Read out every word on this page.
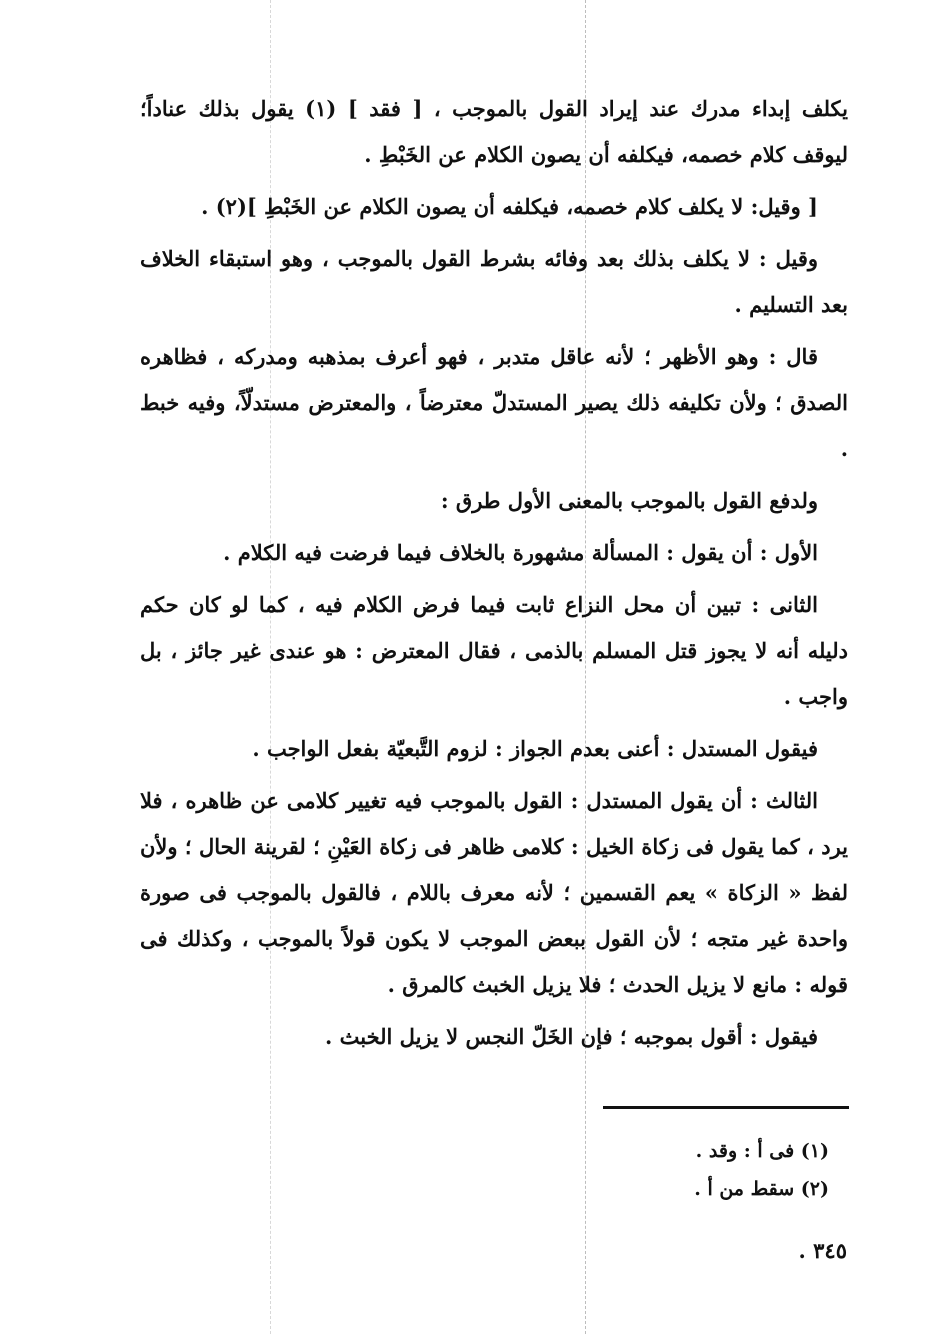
يكلف إبداء مدرك عند إيراد القول بالموجب ، [ فقد ] (١) يقول بذلك عناداً؛ ليوقف كلام خصمه، فيكلفه أن يصون الكلام عن الخَبْطِ .

[ وقيل: لا يكلف كلام خصمه، فيكلفه أن يصون الكلام عن الخَبْطِ ](٢) .

وقيل : لا يكلف بذلك بعد وفائه بشرط القول بالموجب ، وهو استبقاء الخلاف بعد التسليم .

قال : وهو الأظهر ؛ لأنه عاقل متدبر ، فهو أعرف بمذهبه ومدركه ، فظاهره الصدق ؛ ولأن تكليفه ذلك يصير المستدلّ معترضاً ، والمعترض مستدلّاً، وفيه خبط .

ولدفع القول بالموجب بالمعنى الأول طرق :

الأول : أن يقول : المسألة مشهورة بالخلاف فيما فرضت فيه الكلام .

الثانى : تبين أن محل النزاع ثابت فيما فرض الكلام فيه ، كما لو كان حكم دليله أنه لا يجوز قتل المسلم بالذمى ، فقال المعترض : هو عندى غير جائز ، بل واجب .

فيقول المستدل : أعنى بعدم الجواز : لزوم التَّبعيّة بفعل الواجب .

الثالث : أن يقول المستدل : القول بالموجب فيه تغيير كلامى عن ظاهره ، فلا يرد ، كما يقول فى زكاة الخيل : كلامى ظاهر فى زكاة العَيْنِ ؛ لقرينة الحال ؛ ولأن لفظ « الزكاة » يعم القسمين ؛ لأنه معرف باللام ، فالقول بالموجب فى صورة واحدة غير متجه ؛ لأن القول ببعض الموجب لا يكون قولاً بالموجب ، وكذلك فى قوله : مانع لا يزيل الحدث ؛ فلا يزيل الخبث كالمرق .

فيقول : أقول بموجبه ؛ فإن الخَلّ النجس لا يزيل الخبث .

(١) فى أ : وقد .

(٢) سقط من أ .

٣٤٥ .
